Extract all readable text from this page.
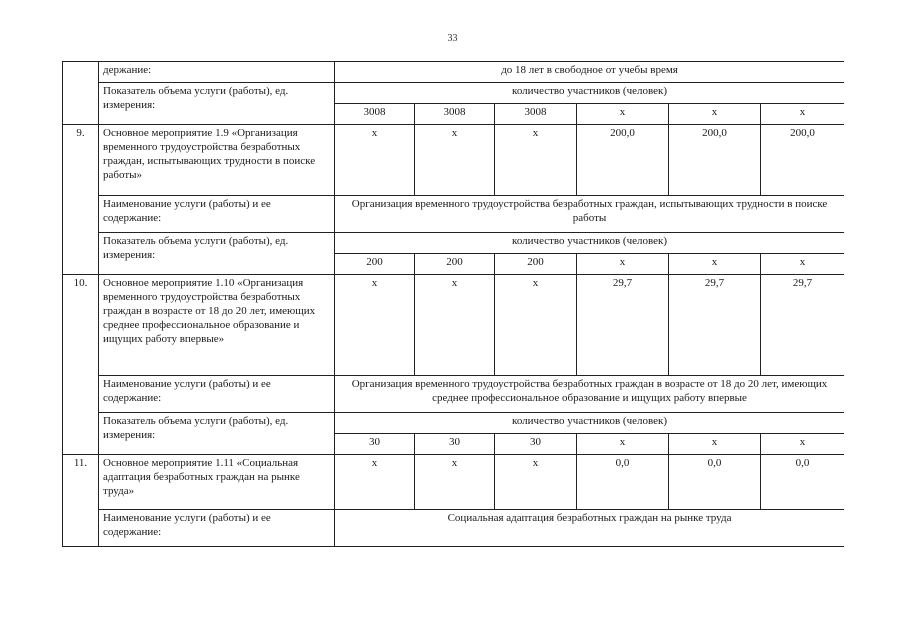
33
	держание:	до 18 лет в свободное от учебы время					
	Показатель объема услуги (работы), ед. измерения:	количество участников (человек)					
		3008	3008	3008	х	х	х
9.	Основное мероприятие 1.9 «Организация временного трудоустройства безработных граждан, испытывающих трудности в поиске работы»	х	х	х	200,0	200,0	200,0
	Наименование услуги (работы) и ее содержание:	Организация временного трудоустройства безработных граждан, испытывающих трудности в поиске работы					
	Показатель объема услуги (работы), ед. измерения:	количество участников (человек)					
		200	200	200	х	х	х
10.	Основное мероприятие 1.10 «Организация временного трудоустройства безработных граждан в возрасте от 18 до 20 лет, имеющих среднее профессиональное образование и ищущих работу впервые»	х	х	х	29,7	29,7	29,7
	Наименование услуги (работы) и ее содержание:	Организация временного трудоустройства безработных граждан в возрасте от 18 до 20 лет, имеющих среднее профессиональное образование и ищущих работу впервые					
	Показатель объема услуги (работы), ед. измерения:	количество участников (человек)					
		30	30	30	х	х	х
11.	Основное мероприятие 1.11 «Социальная адаптация безработных граждан на рынке труда»	х	х	х	0,0	0,0	0,0
	Наименование услуги (работы) и ее содержание:	Социальная адаптация безработных граждан на рынке труда					
